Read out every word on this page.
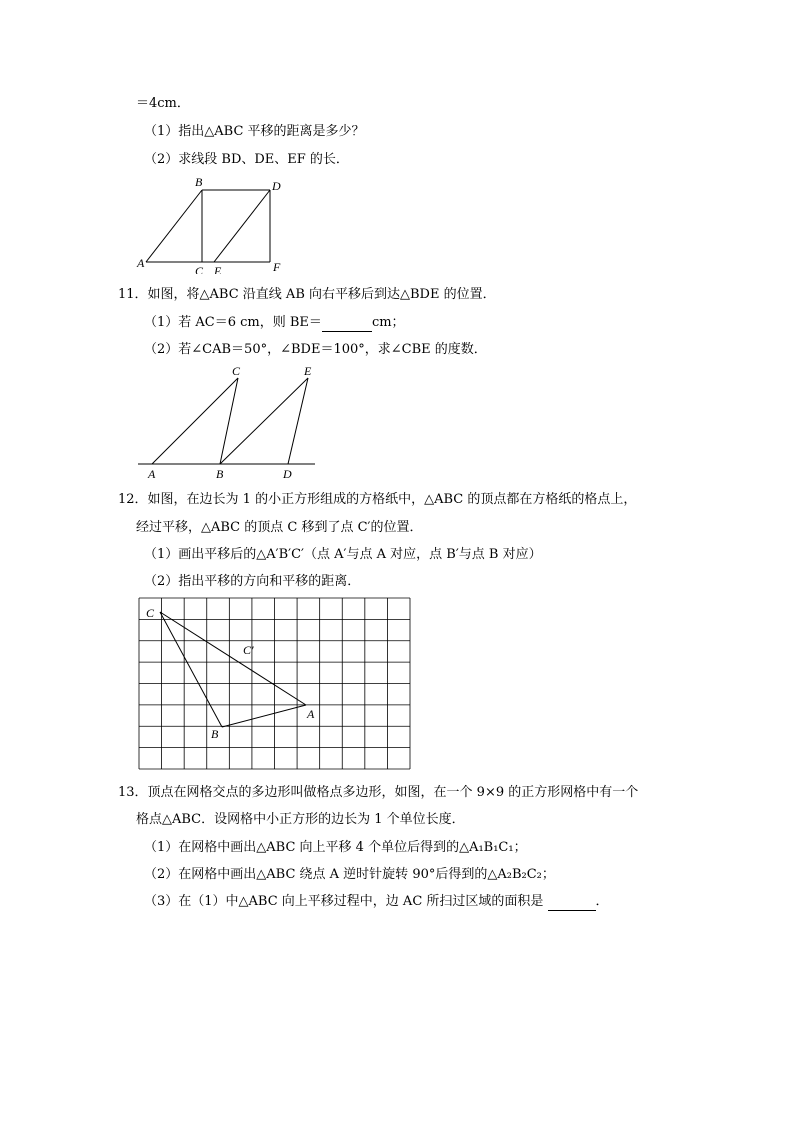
＝4cm．
（1）指出△ABC 平移的距离是多少？
（2）求线段 BD、DE、EF 的长．
A
B
C E
D
F
11．如图，将△ABC 沿直线 AB 向右平移后到达△BDE 的位置．
（1）若 AC＝6 cm，则 BE＝	cm；
（2）若∠CAB＝50°，∠BDE＝100°，求∠CBE 的度数．
C	E
A	B	D
12．如图，在边长为 1 的小正方形组成的方格纸中，△ABC 的顶点都在方格纸的格点上，
经过平移，△ABC 的顶点 C 移到了点 C′的位置．
（1）画出平移后的△A′B′C′（点 A′与点 A 对应，点 B′与点 B 对应）
（2）指出平移的方向和平移的距离．
C
C′
A
B
13．顶点在网格交点的多边形叫做格点多边形，如图，在一个 9×9 的正方形网格中有一个
格点△ABC．设网格中小正方形的边长为 1 个单位长度．
（1）在网格中画出△ABC 向上平移 4 个单位后得到的△A₁B₁C₁；
（2）在网格中画出△ABC 绕点 A 逆时针旋转 90°后得到的△A₂B₂C₂；
（3）在（1）中△ABC 向上平移过程中，边 AC 所扫过区域的面积是	．
